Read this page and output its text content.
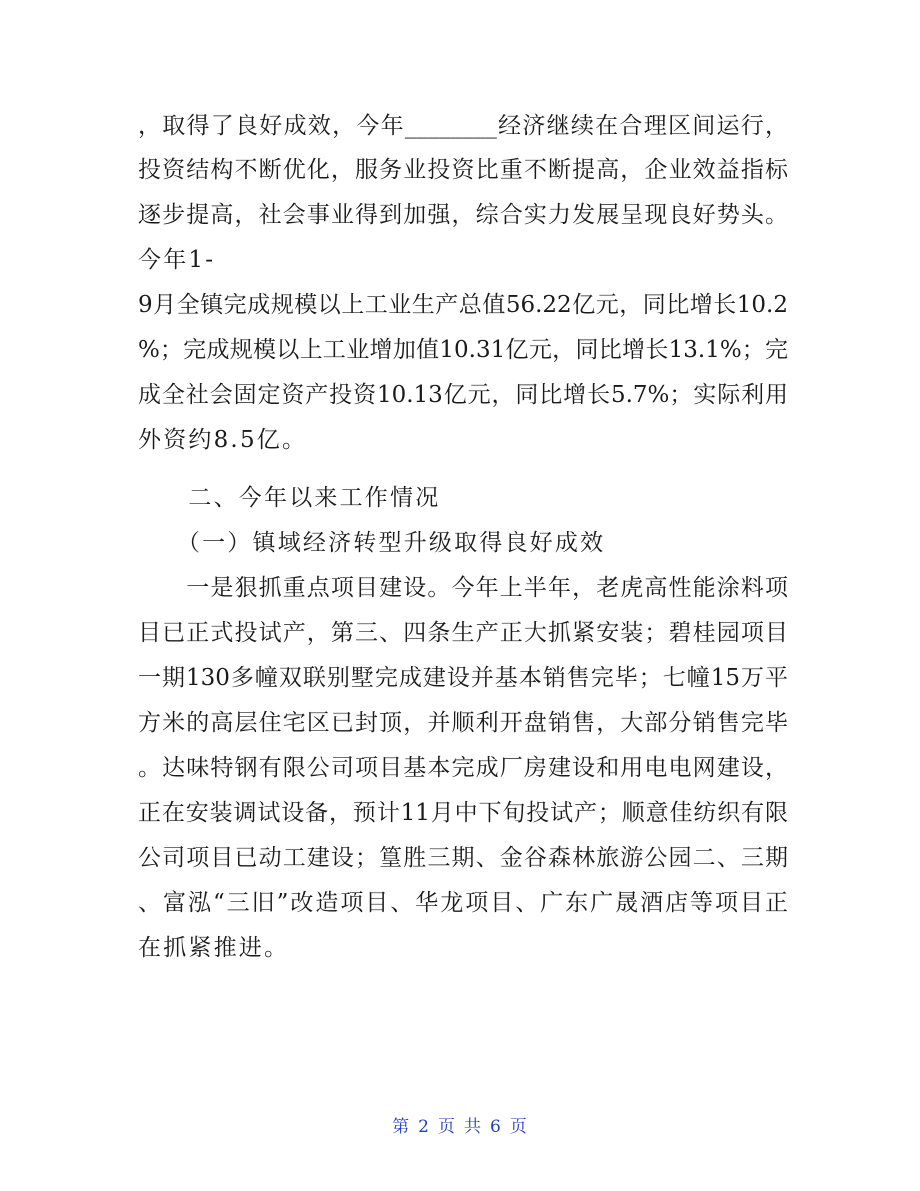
，取得了良好成效，今年________经济继续在合理区间运行，
投资结构不断优化，服务业投资比重不断提高，企业效益指标
逐步提高，社会事业得到加强，综合实力发展呈现良好势头。
今年1-
9月全镇完成规模以上工业生产总值56.22亿元，同比增长10.2
%；完成规模以上工业增加值10.31亿元，同比增长13.1%；完
成全社会固定资产投资10.13亿元，同比增长5.7%；实际利用
外资约8.5亿。
　　二、今年以来工作情况
　　（一）镇域经济转型升级取得良好成效
　　一是狠抓重点项目建设。今年上半年，老虎高性能涂料项
目已正式投试产，第三、四条生产正大抓紧安装；碧桂园项目
一期130多幢双联别墅完成建设并基本销售完毕；七幢15万平
方米的高层住宅区已封顶，并顺利开盘销售，大部分销售完毕
。达味特钢有限公司项目基本完成厂房建设和用电电网建设，
正在安装调试设备，预计11月中下旬投试产；顺意佳纺织有限
公司项目已动工建设；篁胜三期、金谷森林旅游公园二、三期
、富泓“三旧”改造项目、华龙项目、广东广晟酒店等项目正
在抓紧推进。
第 2 页 共 6 页
